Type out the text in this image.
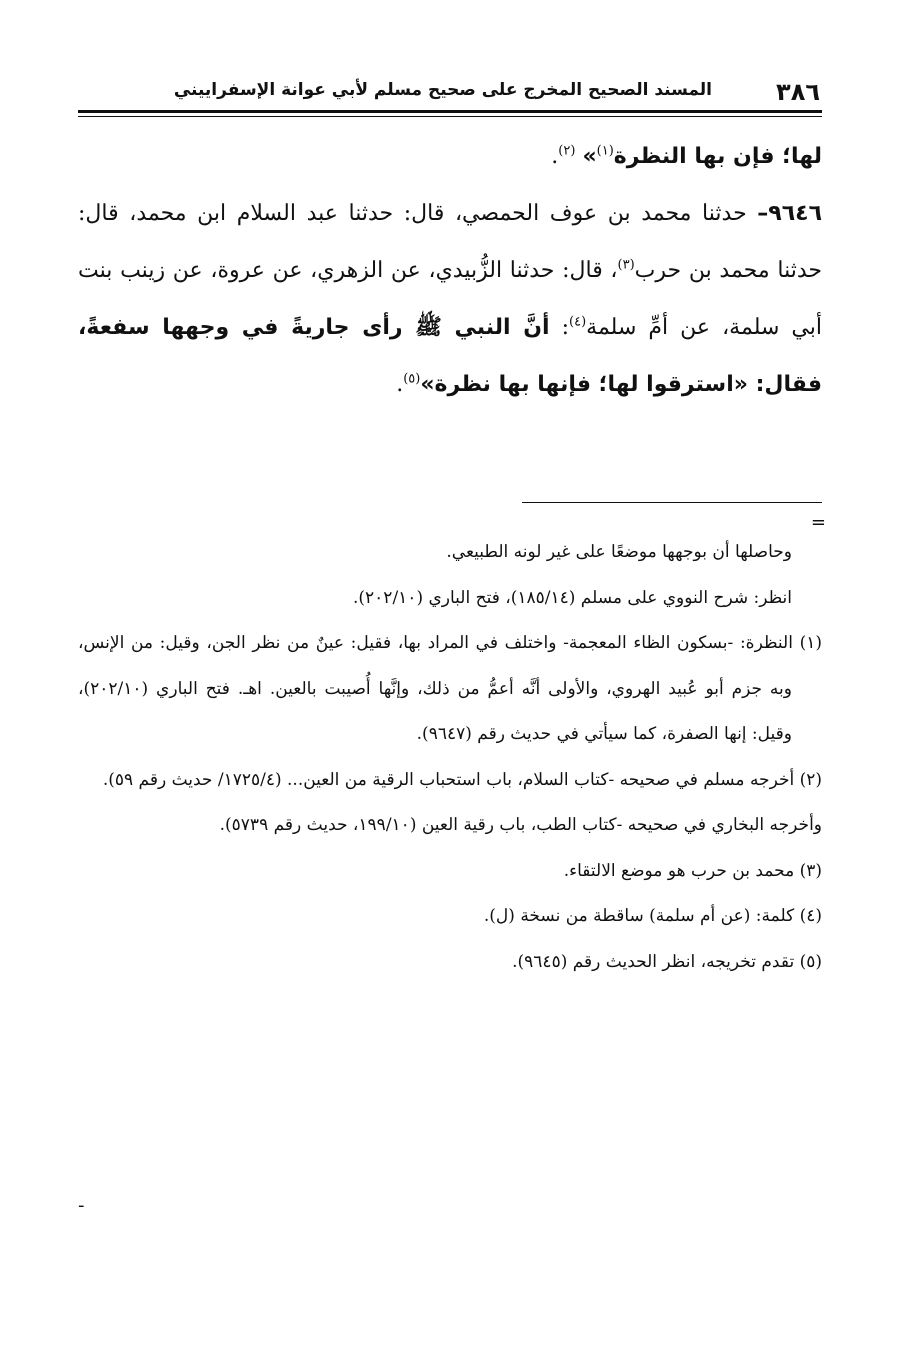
٣٨٦
المسند الصحيح المخرج على صحيح مسلم لأبي عوانة الإسفراييني

لها؛ فإن بها النظرة$^{(١)}$» $^{(٢)}$.

٩٦٤٦– حدثنا محمد بن عوف الحمصي، قال: حدثنا عبد السلام ابن محمد، قال: حدثنا محمد بن حرب$^{(٣)}$، قال: حدثنا الزُّبيدي، عن الزهري، عن عروة، عن زينب بنت أبي سلمة، عن أمِّ سلمة$^{(٤)}$: أنَّ النبي ﷺ رأى جاريةً في وجهها سفعةً، فقال: «استرقوا لها؛ فإنها بها نظرة»$^{(٥)}$.

=

وحاصلها أن بوجهها موضعًا على غير لونه الطبيعي.

انظر: شرح النووي على مسلم (١٨٥/١٤)، فتح الباري (٢٠٢/١٠).

(١) النظرة: -بسكون الظاء المعجمة- واختلف في المراد بها، فقيل: عينٌ من نظر الجن، وقيل: من الإنس، وبه جزم أبو عُبيد الهروي، والأولى أنَّه أعمُّ من ذلك، وإنَّها أُصيبت بالعين. اهـ. فتح الباري (٢٠٢/١٠)، وقيل: إنها الصفرة، كما سيأتي في حديث رقم (٩٦٤٧).

(٢) أخرجه مسلم في صحيحه -كتاب السلام، باب استحباب الرقية من العين... (١٧٢٥/٤/ حديث رقم ٥٩).

وأخرجه البخاري في صحيحه -كتاب الطب، باب رقية العين (١٩٩/١٠، حديث رقم ٥٧٣٩).

(٣) محمد بن حرب هو موضع الالتقاء.

(٤) كلمة: (عن أم سلمة) ساقطة من نسخة (ل).

(٥) تقدم تخريجه، انظر الحديث رقم (٩٦٤٥).

-
